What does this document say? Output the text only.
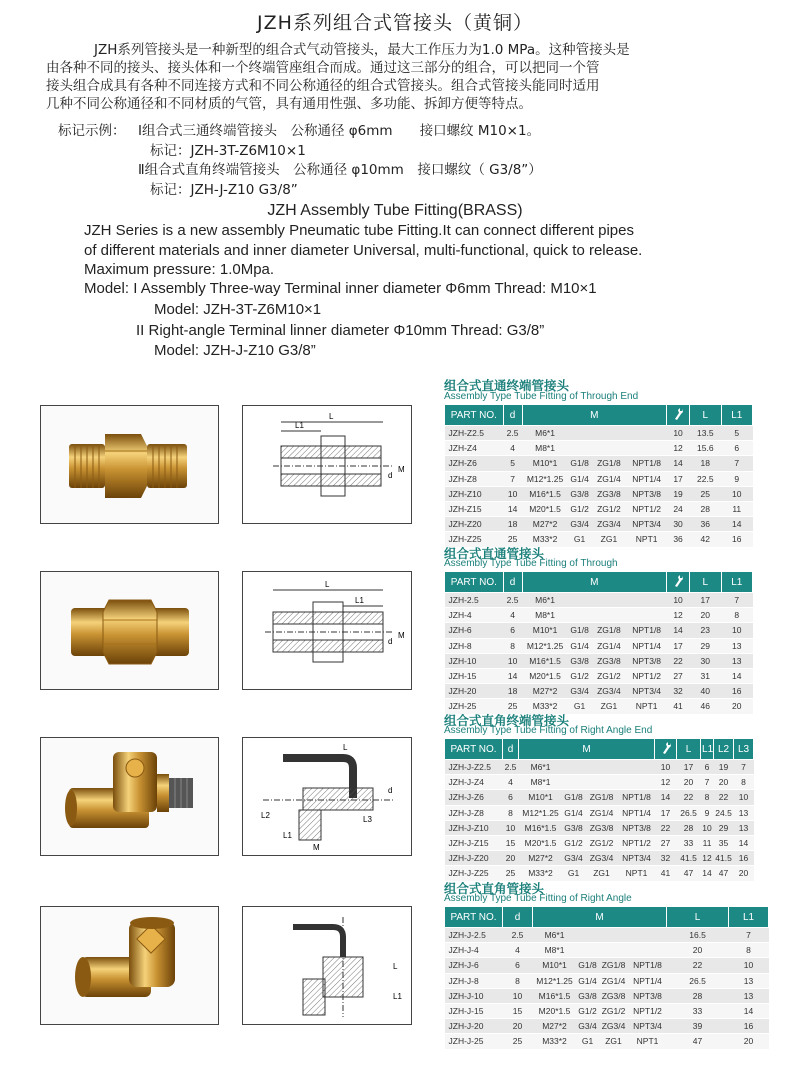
JZH系列组合式管接头（黄铜）
JZH系列管接头是一种新型的组合式气动管接头，最大工作压力为1.0 MPa。这种管接头是
由各种不同的接头、接头体和一个终端管座组合而成。通过这三部分的组合，可以把同一个管
接头组合成具有各种不同连接方式和不同公称通径的组合式管接头。组合式管接头能同时适用
几种不同公称通径和不同材质的气管，具有通用性强、多功能、拆卸方便等特点。
标记示例： Ⅰ组合式三通终端管接头　公称通径 φ6mm　　接口螺纹 M10×1。
标记：JZH-3T-Z6M10×1
Ⅱ组合式直角终端管接头　公称通径 φ10mm　接口螺纹（ G3/8”）
标记：JZH-J-Z10 G3/8”
JZH Assembly Tube Fitting(BRASS)
JZH Series is a new assembly Pneumatic tube Fitting.It can connect different pipes
of different materials and inner diameter Universal, multi-functional, quick to release.
Maximum pressure: 1.0Mpa.
Model: I Assembly Three-way Terminal inner diameter Φ6mm Thread: M10×1
Model: JZH-3T-Z6M10×1
II Right-angle Terminal linner diameter Φ10mm Thread: G3/8”
Model: JZH-J-Z10 G3/8”
L1
L
d
M
L1
L
d
M
L
L2	L3
L1
M
d
L
L1
组合式直通终端管接头
Assembly Type Tube Fitting of Through End
PART NO.	d	M					L	L1
JZH-Z2.5	2.5	M6*1				10	13.5	5
JZH-Z4	4	M8*1				12	15.6	6
JZH-Z6	5	M10*1	G1/8	ZG1/8	NPT1/8	14	18	7
JZH-Z8	7	M12*1.25	G1/4	ZG1/4	NPT1/4	17	22.5	9
JZH-Z10	10	M16*1.5	G3/8	ZG3/8	NPT3/8	19	25	10
JZH-Z15	14	M20*1.5	G1/2	ZG1/2	NPT1/2	24	28	11
JZH-Z20	18	M27*2	G3/4	ZG3/4	NPT3/4	30	36	14
JZH-Z25	25	M33*2	G1	ZG1	NPT1	36	42	16
组合式直通管接头
Assembly Type Tube Fitting of Through
PART NO.	d	M					L	L1
JZH-2.5	2.5	M6*1				10	17	7
JZH-4	4	M8*1				12	20	8
JZH-6	6	M10*1	G1/8	ZG1/8	NPT1/8	14	23	10
JZH-8	8	M12*1.25	G1/4	ZG1/4	NPT1/4	17	29	13
JZH-10	10	M16*1.5	G3/8	ZG3/8	NPT3/8	22	30	13
JZH-15	14	M20*1.5	G1/2	ZG1/2	NPT1/2	27	31	14
JZH-20	18	M27*2	G3/4	ZG3/4	NPT3/4	32	40	16
JZH-25	25	M33*2	G1	ZG1	NPT1	41	46	20
组合式直角终端管接头
Assembly Type Tube Fitting of Right Angle End
PART NO.	d	M					L	L1	L2	L3
JZH-J-Z2.5	2.5	M6*1				10	17	6	19	7
JZH-J-Z4	4	M8*1				12	20	7	20	8
JZH-J-Z6	6	M10*1	G1/8	ZG1/8	NPT1/8	14	22	8	22	10
JZH-J-Z8	8	M12*1.25	G1/4	ZG1/4	NPT1/4	17	26.5	9	24.5	13
JZH-J-Z10	10	M16*1.5	G3/8	ZG3/8	NPT3/8	22	28	10	29	13
JZH-J-Z15	15	M20*1.5	G1/2	ZG1/2	NPT1/2	27	33	11	35	14
JZH-J-Z20	20	M27*2	G3/4	ZG3/4	NPT3/4	32	41.5	12	41.5	16
JZH-J-Z25	25	M33*2	G1	ZG1	NPT1	41	47	14	47	20
组合式直角管接头
Assembly Type Tube Fitting of Right Angle
PART NO.	d	M				L	L1
JZH-J-2.5	2.5	M6*1				16.5	7
JZH-J-4	4	M8*1				20	8
JZH-J-6	6	M10*1	G1/8	ZG1/8	NPT1/8	22	10
JZH-J-8	8	M12*1.25	G1/4	ZG1/4	NPT1/4	26.5	13
JZH-J-10	10	M16*1.5	G3/8	ZG3/8	NPT3/8	28	13
JZH-J-15	15	M20*1.5	G1/2	ZG1/2	NPT1/2	33	14
JZH-J-20	20	M27*2	G3/4	ZG3/4	NPT3/4	39	16
JZH-J-25	25	M33*2	G1	ZG1	NPT1	47	20
